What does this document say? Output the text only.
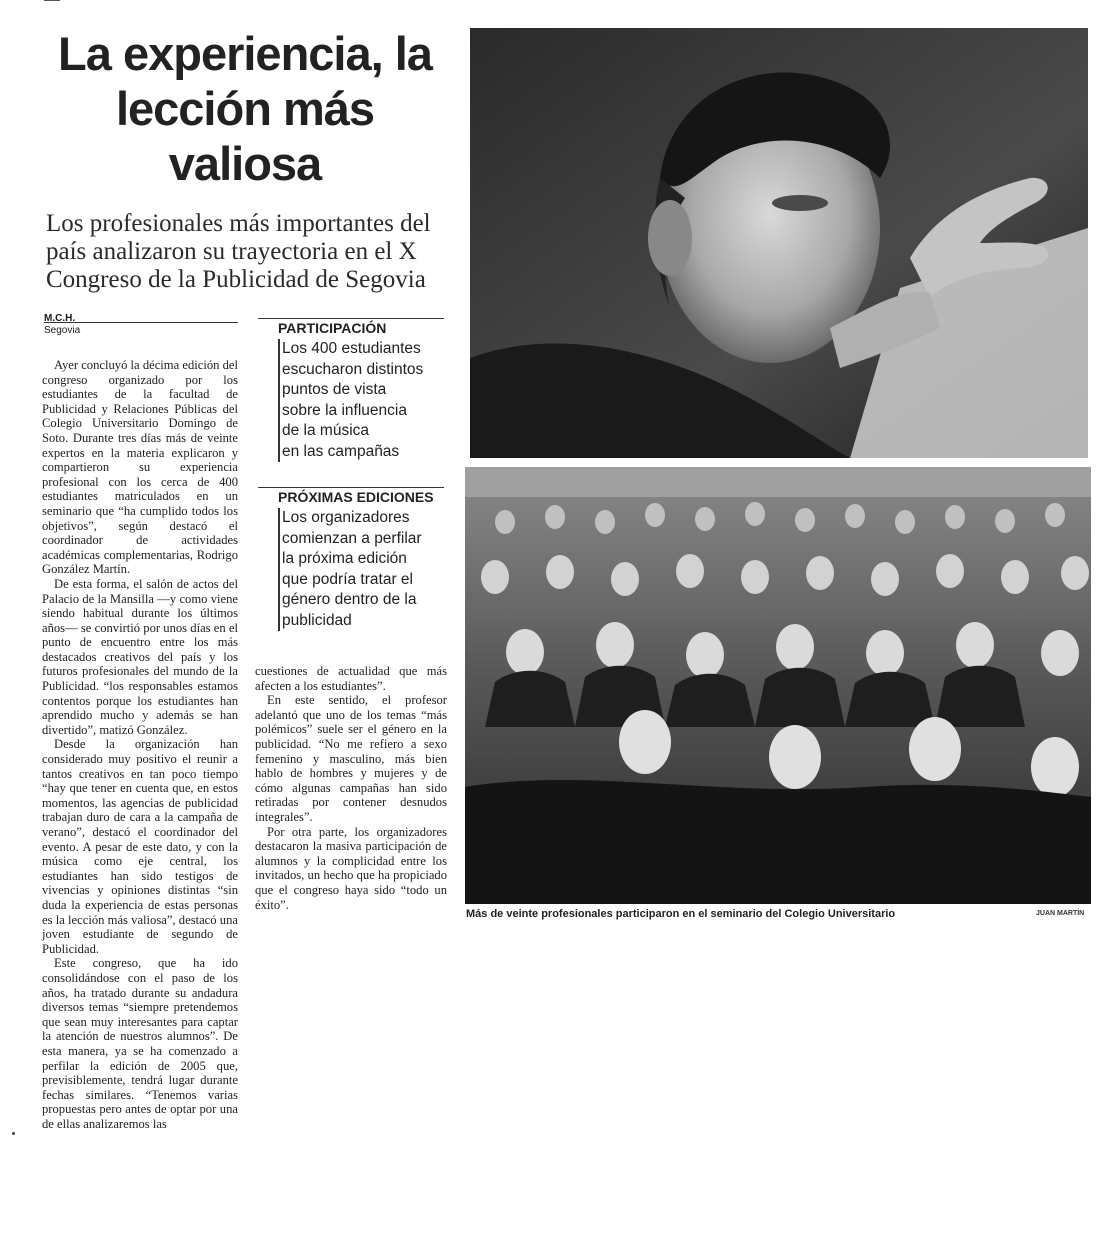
La experiencia, la lección más valiosa

Los profesionales más importantes del país analizaron su trayectoria en el X Congreso de la Publicidad de Segovia

M.C.H.
Segovia

Ayer concluyó la décima edición del congreso organizado por los estudiantes de la facultad de Publicidad y Relaciones Públicas del Colegio Universitario Domingo de Soto. Durante tres días más de veinte expertos en la materia explicaron y compartieron su experiencia profesional con los cerca de 400 estudiantes matriculados en un seminario que “ha cumplido todos los objetivos”, según destacó el coordinador de actividades académicas complementarias, Rodrigo González Martín.

De esta forma, el salón de actos del Palacio de la Mansilla —y como viene siendo habitual durante los últimos años— se convirtió por unos días en el punto de encuentro entre los más destacados creativos del país y los futuros profesionales del mundo de la Publicidad. “los responsables estamos contentos porque los estudiantes han aprendido mucho y además se han divertido”, matizó González.

Desde la organización han considerado muy positivo el reunir a tantos creativos en tan poco tiempo “hay que tener en cuenta que, en estos momentos, las agencias de publicidad trabajan duro de cara a la campaña de verano”, destacó el coordinador del evento. A pesar de este dato, y con la música como eje central, los estudiantes han sido testigos de vivencias y opiniones distintas “sin duda la experiencia de estas personas es la lección más valiosa”, destacó una joven estudiante de segundo de Publicidad.

Este congreso, que ha ido consolidándose con el paso de los años, ha tratado durante su andadura diversos temas “siempre pretendemos que sean muy interesantes para captar la atención de nuestros alumnos”. De esta manera, ya se ha comenzado a perfilar la edición de 2005 que, previsiblemente, tendrá lugar durante fechas similares. “Tenemos varias propuestas pero antes de optar por una de ellas analizaremos las

PARTICIPACIÓN
Los 400 estudiantes
escucharon distintos
puntos de vista
sobre la influencia
de la música
en las campañas
PRÓXIMAS EDICIONES
Los organizadores
comienzan a perfilar
la próxima edición
que podría tratar el
género dentro de la
publicidad

cuestiones de actualidad que más afecten a los estudiantes”.

En este sentido, el profesor adelantó que uno de los temas “más polémicos” suele ser el género en la publicidad. “No me refiero a sexo femenino y masculino, más bien hablo de hombres y mujeres y de cómo algunas campañas han sido retiradas por contener desnudos integrales”.

Por otra parte, los organizadores destacaron la masiva participación de alumnos y la complicidad entre los invitados, un hecho que ha propiciado que el congreso haya sido “todo un éxito”.

Más de veinte profesionales participaron en el seminario del Colegio Universitario	JUAN MARTÍN
